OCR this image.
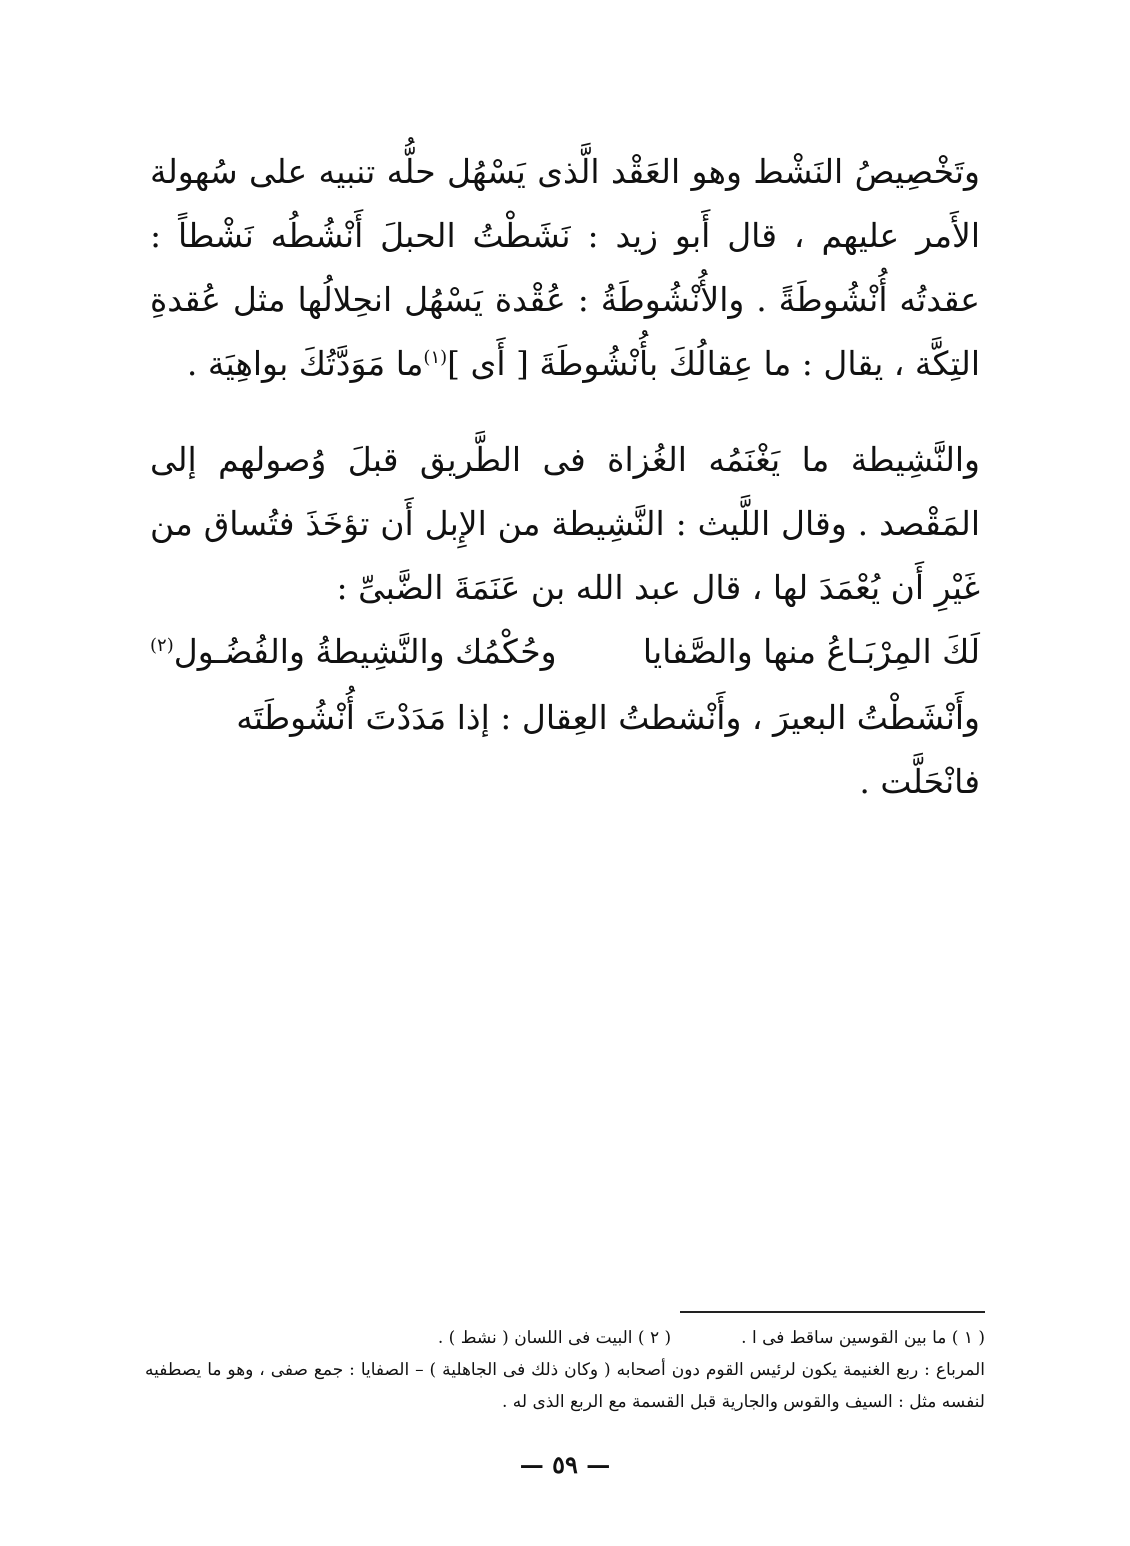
وتَخْصِيصُ النَشْط وهو العَقْد الَّذى يَسْهُل حلُّه تنبيه على سُهولة الأَمر عليهم ، قال أَبو زيد : نَشَطْتُ الحبلَ أَنْشُطُه نَشْطاً : عقدتُه أُنْشُوطَةً . والأُنْشُوطَةُ : عُقْدة يَسْهُل انحِلالُها مثل عُقدةِ التِكَّة ، يقال : ما عِقالُكَ بأُنْشُوطَةَ [ أَى ]$^{(١)}$ما مَوَدَّتُكَ بواهِيَة .

والنَّشِيطة ما يَغْنَمُه الغُزاة فى الطَّريق قبلَ وُصولهم إلى المَقْصد . وقال اللَّيث : النَّشِيطة من الإِبل أَن تؤخَذَ فتُساق من غَيْرِ أَن يُعْمَدَ لها ، قال عبد الله بن عَنَمَةَ الضَّبىِّ :

لَكَ المِرْبَـاعُ منها والصَّفايا
وحُكْمُك والنَّشِيطةُ والفُضُـول$^{(٢)}$

وأَنْشَطْتُ البعيرَ ، وأَنْشطتُ العِقال : إذا مَدَدْتَ أُنْشُوطَتَه فانْحَلَّت .

( ١ ) ما بين القوسين ساقط فى ا .
( ٢ ) البيت فى اللسان ( نشط ) .

المرباع : ربع الغنيمة يكون لرئيس القوم دون أصحابه ( وكان ذلك فى الجاهلية ) – الصفايا : جمع صفى ، وهو ما يصطفيه لنفسه مثل : السيف والقوس والجارية قبل القسمة مع الربع الذى له .

— ٥٩ —
